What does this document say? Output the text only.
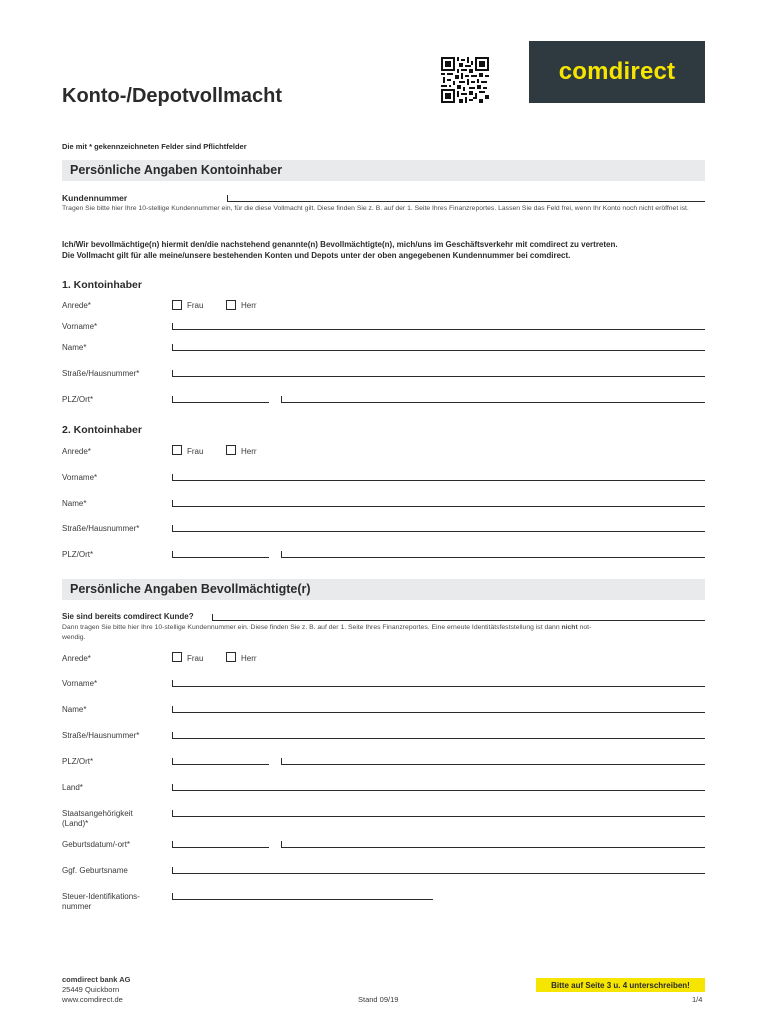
comdirect
Konto-/Depotvollmacht
Die mit * gekennzeichneten Felder sind Pflichtfelder
Persönliche Angaben Kontoinhaber
Kundennummer
Tragen Sie bitte hier Ihre 10-stellige Kundennummer ein, für die diese Vollmacht gilt. Diese finden Sie z. B. auf der 1. Seite Ihres Finanzreportes. Lassen Sie das Feld frei, wenn Ihr Konto noch nicht eröffnet ist.
Ich/Wir bevollmächtige(n) hiermit den/die nachstehend genannte(n) Bevollmächtigte(n), mich/uns im Geschäftsverkehr mit comdirect zu vertreten.
Die Vollmacht gilt für alle meine/unsere bestehenden Konten und Depots unter der oben angegebenen Kundennummer bei comdirect.
1. Kontoinhaber
Anrede*	Frau	Herr
Vorname*
Name*
Straße/Hausnummer*
PLZ/Ort*
2. Kontoinhaber
Anrede*	Frau	Herr
Vorname*
Name*
Straße/Hausnummer*
PLZ/Ort*
Persönliche Angaben Bevollmächtigte(r)
Sie sind bereits comdirect Kunde?
Dann tragen Sie bitte hier Ihre 10-stellige Kundennummer ein. Diese finden Sie z. B. auf der 1. Seite Ihres Finanzreportes. Eine erneute Identitätsfeststellung ist dann nicht not-
wendig.
Anrede*	Frau	Herr
Vorname*
Name*
Straße/Hausnummer*
PLZ/Ort*
Land*
Staatsangehörigkeit
(Land)*
Geburtsdatum/-ort*
Ggf. Geburtsname
Steuer-Identifikations-
nummer
comdirect bank AG
25449 Quickborn
www.comdirect.de	Stand 09/19
Bitte auf Seite 3 u. 4 unterschreiben!
1/4
